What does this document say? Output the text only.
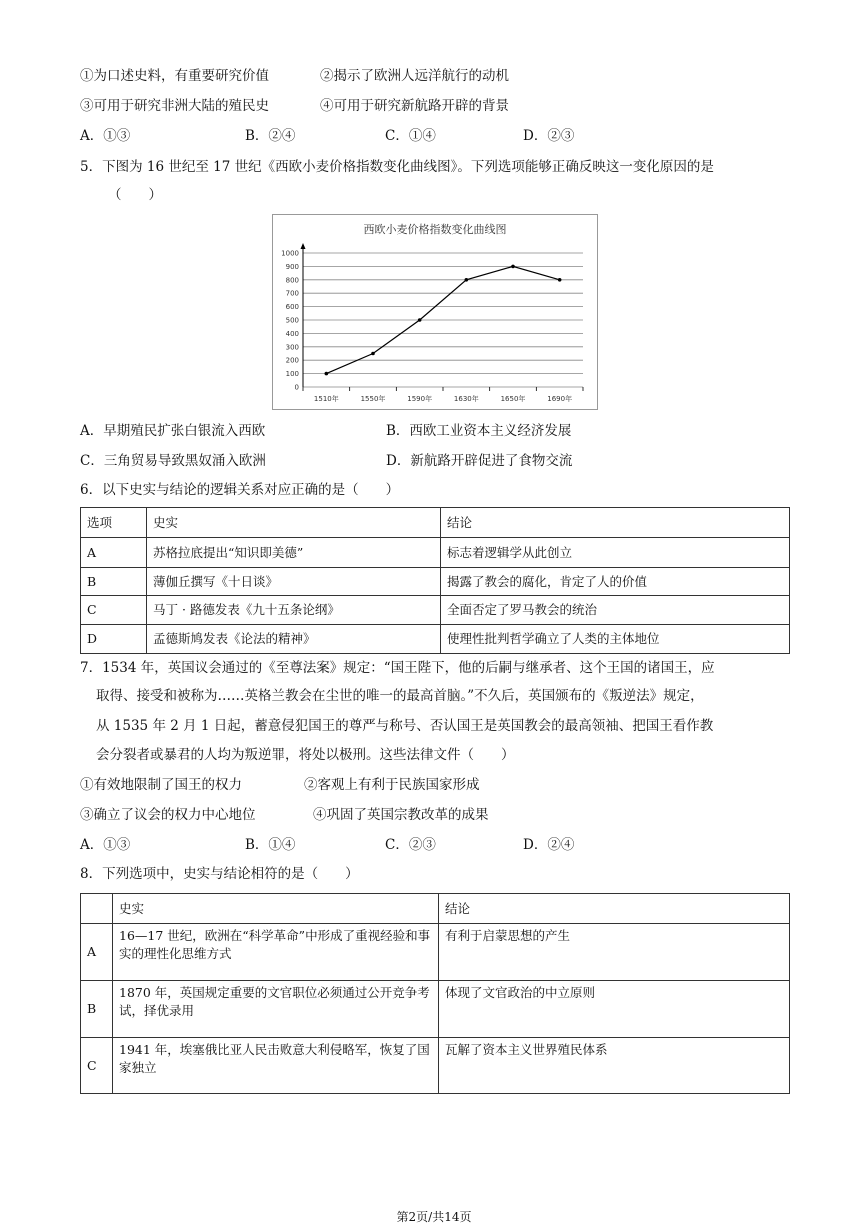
①为口述史料，有重要研究价值	②揭示了欧洲人远洋航行的动机
③可用于研究非洲大陆的殖民史	④可用于研究新航路开辟的背景
A．①③	B．②④	C．①④	D．②③
5．下图为 16 世纪至 17 世纪《西欧小麦价格指数变化曲线图》。下列选项能够正确反映这一变化原因的是
（　　）
西欧小麦价格指数变化曲线图
0
100
200
300
400
500
600
700
800
900
1000
1510年	1550年	1590年	1630年	1650年	1690年
A．早期殖民扩张白银流入西欧	B．西欧工业资本主义经济发展
C．三角贸易导致黑奴涌入欧洲	D．新航路开辟促进了食物交流
6．以下史实与结论的逻辑关系对应正确的是（　　）
选项	史实	结论
A	苏格拉底提出“知识即美德”	标志着逻辑学从此创立
B	薄伽丘撰写《十日谈》	揭露了教会的腐化，肯定了人的价值
C	马丁 · 路德发表《九十五条论纲》	全面否定了罗马教会的统治
D	孟德斯鸠发表《论法的精神》	使理性批判哲学确立了人类的主体地位
7．1534 年，英国议会通过的《至尊法案》规定：“国王陛下，他的后嗣与继承者、这个王国的诸国王，应
取得、接受和被称为……英格兰教会在尘世的唯一的最高首脑。”不久后，英国颁布的《叛逆法》规定，
从 1535 年 2 月 1 日起，蓄意侵犯国王的尊严与称号、否认国王是英国教会的最高领袖、把国王看作教
会分裂者或暴君的人均为叛逆罪，将处以极刑。这些法律文件（　　）
①有效地限制了国王的权力	②客观上有利于民族国家形成
③确立了议会的权力中心地位	④巩固了英国宗教改革的成果
A．①③	B．①④	C．②③	D．②④
8．下列选项中，史实与结论相符的是（　　）
	史实	结论
A	16—17 世纪，欧洲在“科学革命”中形成了重视经验和事实的理性化思维方式	有利于启蒙思想的产生
B	1870 年，英国规定重要的文官职位必须通过公开竞争考试，择优录用	体现了文官政治的中立原则
C	1941 年，埃塞俄比亚人民击败意大利侵略军，恢复了国家独立	瓦解了资本主义世界殖民体系
第2页/共14页
